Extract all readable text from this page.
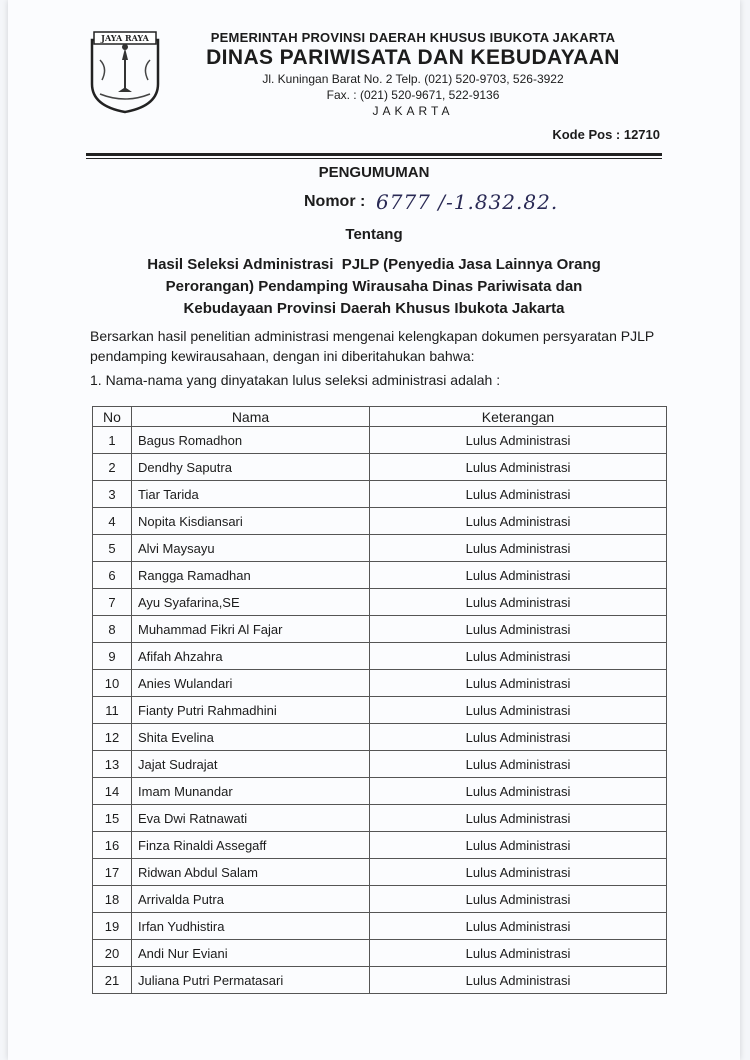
JAYA RAYA	PEMERINTAH PROVINSI DAERAH KHUSUS IBUKOTA JAKARTA
DINAS PARIWISATA DAN KEBUDAYAAN
Jl. Kuningan Barat No. 2 Telp. (021) 520-9703, 526-3922
Fax. : (021) 520-9671, 522-9136
JAKARTA
Kode Pos : 12710
PENGUMUMAN
Nomor : 6777 /-1.832.82.
Tentang
Hasil Seleksi Administrasi  PJLP (Penyedia Jasa Lainnya Orang
Perorangan) Pendamping Wirausaha Dinas Pariwisata dan
Kebudayaan Provinsi Daerah Khusus Ibukota Jakarta
Bersarkan hasil penelitian administrasi mengenai kelengkapan dokumen persyaratan PJLP pendamping kewirausahaan, dengan ini diberitahukan bahwa:
1. Nama-nama yang dinyatakan lulus seleksi administrasi adalah :
No	Nama	Keterangan
1	Bagus Romadhon	Lulus Administrasi
2	Dendhy Saputra	Lulus Administrasi
3	Tiar Tarida	Lulus Administrasi
4	Nopita Kisdiansari	Lulus Administrasi
5	Alvi Maysayu	Lulus Administrasi
6	Rangga Ramadhan	Lulus Administrasi
7	Ayu Syafarina,SE	Lulus Administrasi
8	Muhammad Fikri Al Fajar	Lulus Administrasi
9	Afifah Ahzahra	Lulus Administrasi
10	Anies Wulandari	Lulus Administrasi
11	Fianty Putri Rahmadhini	Lulus Administrasi
12	Shita Evelina	Lulus Administrasi
13	Jajat Sudrajat	Lulus Administrasi
14	Imam Munandar	Lulus Administrasi
15	Eva Dwi Ratnawati	Lulus Administrasi
16	Finza Rinaldi Assegaff	Lulus Administrasi
17	Ridwan Abdul Salam	Lulus Administrasi
18	Arrivalda Putra	Lulus Administrasi
19	Irfan Yudhistira	Lulus Administrasi
20	Andi Nur Eviani	Lulus Administrasi
21	Juliana Putri Permatasari	Lulus Administrasi
